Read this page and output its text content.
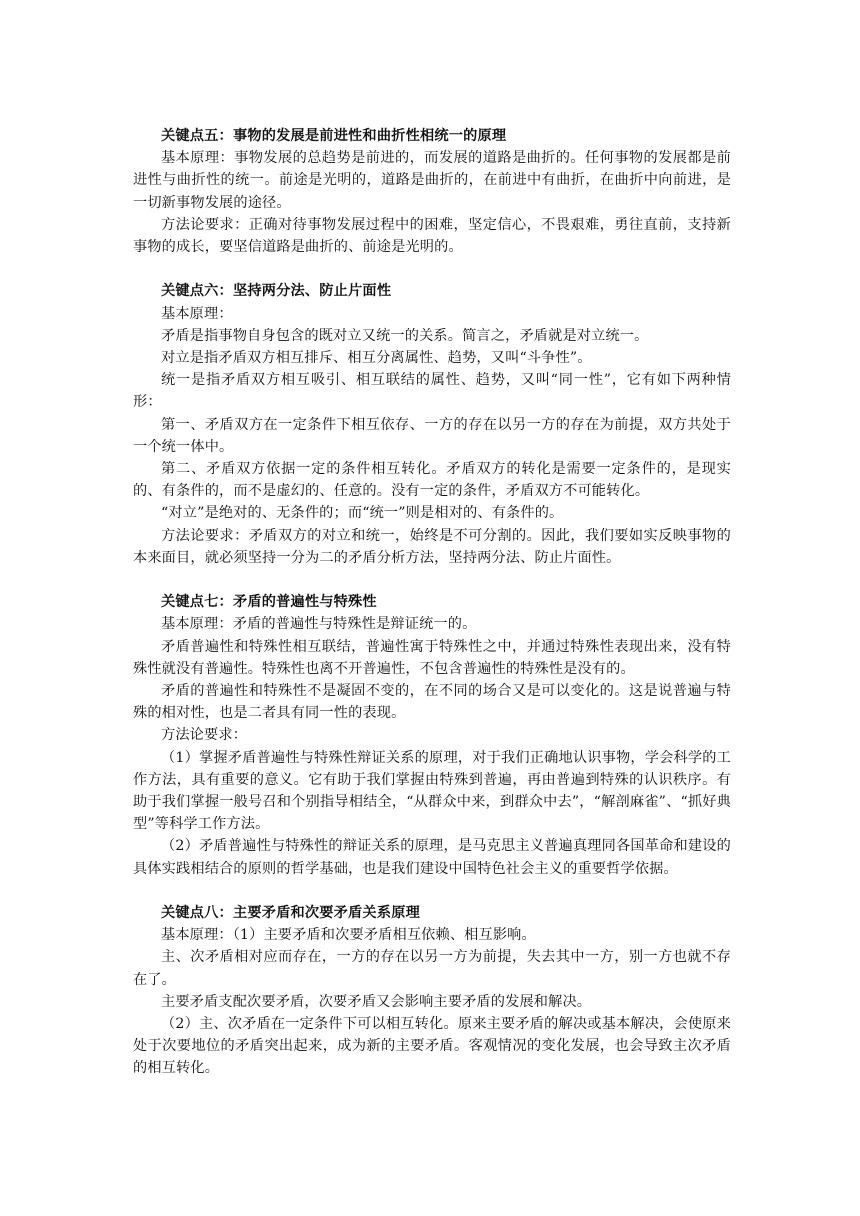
关键点五：事物的发展是前进性和曲折性相统一的原理

基本原理：事物发展的总趋势是前进的，而发展的道路是曲折的。任何事物的发展都是前进性与曲折性的统一。前途是光明的，道路是曲折的，在前进中有曲折，在曲折中向前进，是一切新事物发展的途径。

方法论要求：正确对待事物发展过程中的困难，坚定信心，不畏艰难，勇往直前，支持新事物的成长，要坚信道路是曲折的、前途是光明的。

关键点六：坚持两分法、防止片面性

基本原理：

矛盾是指事物自身包含的既对立又统一的关系。简言之，矛盾就是对立统一。

对立是指矛盾双方相互排斥、相互分离属性、趋势，又叫“斗争性”。

统一是指矛盾双方相互吸引、相互联结的属性、趋势，又叫“同一性”，它有如下两种情形：

第一、矛盾双方在一定条件下相互依存、一方的存在以另一方的存在为前提，双方共处于一个统一体中。

第二、矛盾双方依据一定的条件相互转化。矛盾双方的转化是需要一定条件的，是现实的、有条件的，而不是虚幻的、任意的。没有一定的条件，矛盾双方不可能转化。

“对立”是绝对的、无条件的；而“统一”则是相对的、有条件的。

方法论要求：矛盾双方的对立和统一，始终是不可分割的。因此，我们要如实反映事物的本来面目，就必须坚持一分为二的矛盾分析方法，坚持两分法、防止片面性。

关键点七：矛盾的普遍性与特殊性

基本原理：矛盾的普遍性与特殊性是辩证统一的。

矛盾普遍性和特殊性相互联结，普遍性寓于特殊性之中，并通过特殊性表现出来，没有特殊性就没有普遍性。特殊性也离不开普遍性，不包含普遍性的特殊性是没有的。

矛盾的普遍性和特殊性不是凝固不变的，在不同的场合又是可以变化的。这是说普遍与特殊的相对性，也是二者具有同一性的表现。

方法论要求：

（1）掌握矛盾普遍性与特殊性辩证关系的原理，对于我们正确地认识事物，学会科学的工作方法，具有重要的意义。它有助于我们掌握由特殊到普遍，再由普遍到特殊的认识秩序。有助于我们掌握一般号召和个别指导相结全，“从群众中来，到群众中去”，“解剖麻雀”、“抓好典型”等科学工作方法。

（2）矛盾普遍性与特殊性的辩证关系的原理，是马克思主义普遍真理同各国革命和建设的具体实践相结合的原则的哲学基础，也是我们建设中国特色社会主义的重要哲学依据。

关键点八：主要矛盾和次要矛盾关系原理

基本原理：（1）主要矛盾和次要矛盾相互依赖、相互影响。

主、次矛盾相对应而存在，一方的存在以另一方为前提，失去其中一方，别一方也就不存在了。

主要矛盾支配次要矛盾，次要矛盾又会影响主要矛盾的发展和解决。

（2）主、次矛盾在一定条件下可以相互转化。原来主要矛盾的解决或基本解决，会使原来处于次要地位的矛盾突出起来，成为新的主要矛盾。客观情况的变化发展，也会导致主次矛盾的相互转化。
